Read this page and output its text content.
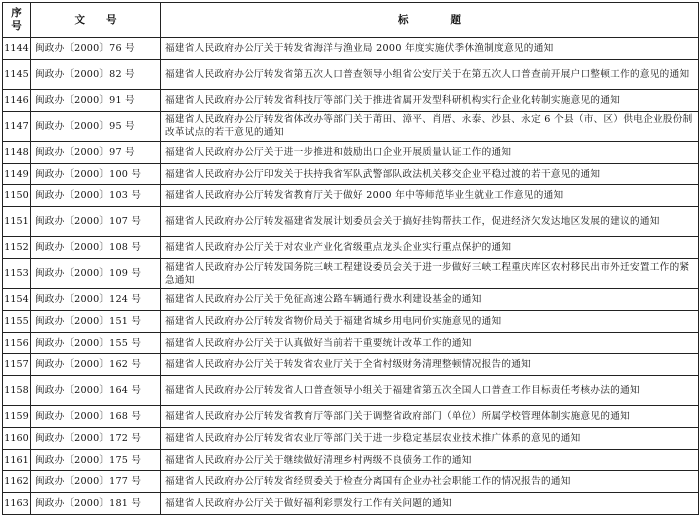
序
号	文　　号	标　　　　题
1144	闽政办〔2000〕76 号	福建省人民政府办公厅关于转发省海洋与渔业局 2000 年度实施伏季休渔制度意见的通知
1145	闽政办〔2000〕82 号	福建省人民政府办公厅转发省第五次人口普查领导小组省公安厅关于在第五次人口普查前开展户口整顿工作的意见的通知
1146	闽政办〔2000〕91 号	福建省人民政府办公厅转发省科技厅等部门关于推进省属开发型科研机构实行企业化转制实施意见的通知
1147	闽政办〔2000〕95 号	福建省人民政府办公厅转发省体改办等部门关于莆田、漳平、肖厝、永泰、沙县、永定 6 个县（市、区）供电企业股份制改革试点的若干意见的通知
1148	闽政办〔2000〕97 号	福建省人民政府办公厅关于进一步推进和鼓励出口企业开展质量认证工作的通知
1149	闽政办〔2000〕100 号	福建省人民政府办公厅印发关于扶持我省军队武警部队政法机关移交企业平稳过渡的若干意见的通知
1150	闽政办〔2000〕103 号	福建省人民政府办公厅转发省教育厅关于做好 2000 年中等师范毕业生就业工作意见的通知
1151	闽政办〔2000〕107 号	福建省人民政府办公厅转发福建省发展计划委员会关于搞好挂钩帮扶工作，促进经济欠发达地区发展的建议的通知
1152	闽政办〔2000〕108 号	福建省人民政府办公厅关于对农业产业化省级重点龙头企业实行重点保护的通知
1153	闽政办〔2000〕109 号	福建省人民政府办公厅转发国务院三峡工程建设委员会关于进一步做好三峡工程重庆库区农村移民出市外迁安置工作的紧急通知
1154	闽政办〔2000〕124 号	福建省人民政府办公厅关于免征高速公路车辆通行费水利建设基金的通知
1155	闽政办〔2000〕151 号	福建省人民政府办公厅转发省物价局关于福建省城乡用电同价实施意见的通知
1156	闽政办〔2000〕155 号	福建省人民政府办公厅关于认真做好当前若干重要统计改革工作的通知
1157	闽政办〔2000〕162 号	福建省人民政府办公厅关于转发省农业厅关于全省村级财务清理整顿情况报告的通知
1158	闽政办〔2000〕164 号	福建省人民政府办公厅转发省人口普查领导小组关于福建省第五次全国人口普查工作目标责任考核办法的通知
1159	闽政办〔2000〕168 号	福建省人民政府办公厅转发省教育厅等部门关于调整省政府部门（单位）所属学校管理体制实施意见的通知
1160	闽政办〔2000〕172 号	福建省人民政府办公厅转发省农业厅等部门关于进一步稳定基层农业技术推广体系的意见的通知
1161	闽政办〔2000〕175 号	福建省人民政府办公厅关于继续做好清理乡村两级不良债务工作的通知
1162	闽政办〔2000〕177 号	福建省人民政府办公厅转发省经贸委关于检查分离国有企业办社会职能工作的情况报告的通知
1163	闽政办〔2000〕181 号	福建省人民政府办公厅关于做好福利彩票发行工作有关问题的通知
